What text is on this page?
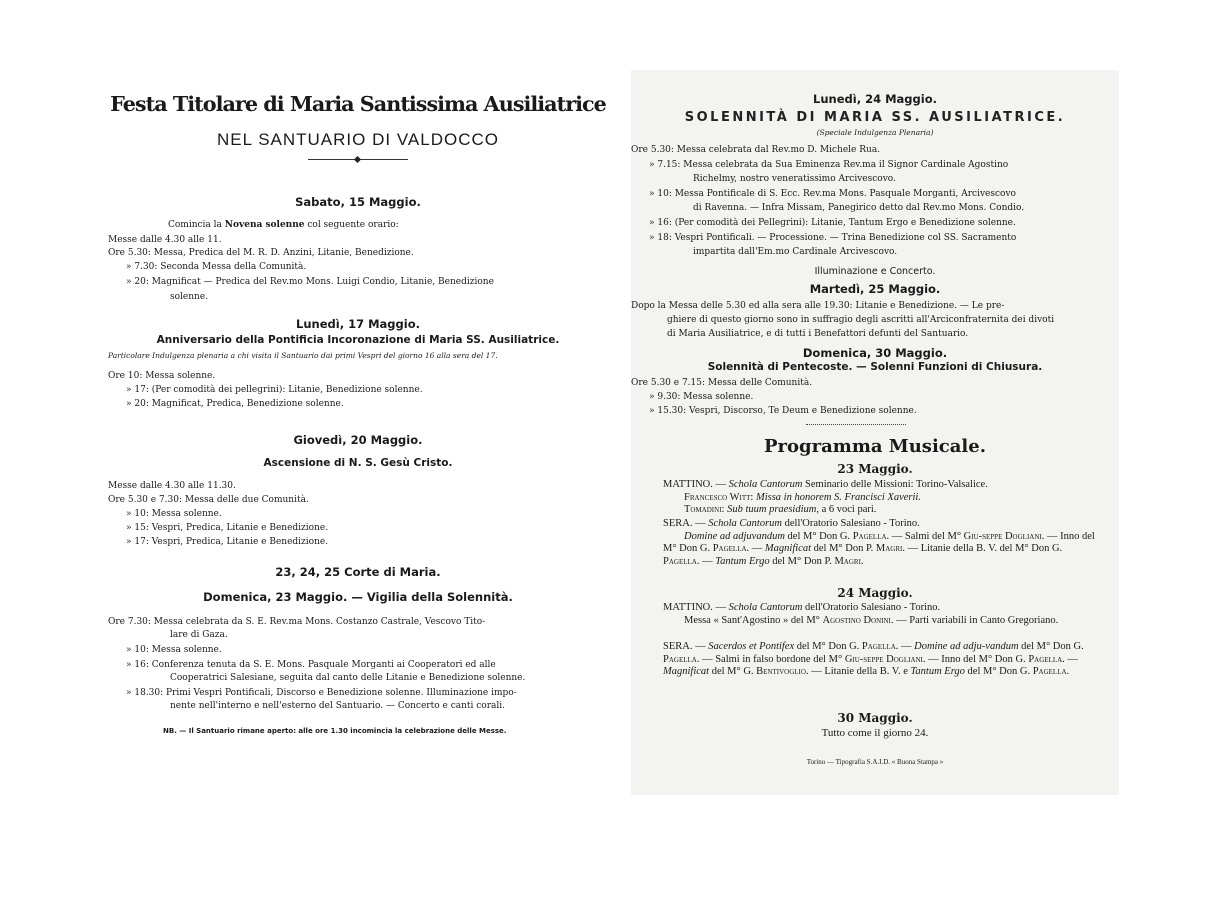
Festa Titolare di Maria Santissima Ausiliatrice
NEL SANTUARIO DI VALDOCCO
Sabato, 15 Maggio.
Comincia la Novena solenne col seguente orario:
Messe dalle 4.30 alle 11.
Ore 5.30: Messa, Predica del M. R. D. Anzini, Litanie, Benedizione.
» 7.30: Seconda Messa della Comunità.
» 20: Magnificat — Predica del Rev.mo Mons. Luigi Condio, Litanie, Benedizione
solenne.
Lunedì, 17 Maggio.
Anniversario della Pontificia Incoronazione di Maria SS. Ausiliatrice.
Particolare Indulgenza plenaria a chi visita il Santuario dai primi Vespri del giorno 16 alla sera del 17.
Ore 10: Messa solenne.
» 17: (Per comodità dei pellegrini): Litanie, Benedizione solenne.
» 20: Magnificat, Predica, Benedizione solenne.
Giovedì, 20 Maggio.
Ascensione di N. S. Gesù Cristo.
Messe dalle 4.30 alle 11.30.
Ore 5.30 e 7.30: Messa delle due Comunità.
» 10: Messa solenne.
» 15: Vespri, Predica, Litanie e Benedizione.
» 17: Vespri, Predica, Litanie e Benedizione.
23, 24, 25 Corte di Maria.
Domenica, 23 Maggio. — Vigilia della Solennità.
Ore 7.30: Messa celebrata da S. E. Rev.ma Mons. Costanzo Castrale, Vescovo Tito-
lare di Gaza.
» 10: Messa solenne.
» 16: Conferenza tenuta da S. E. Mons. Pasquale Morganti ai Cooperatori ed alle
Cooperatrici Salesiane, seguita dal canto delle Litanie e Benedizione solenne.
» 18.30: Primi Vespri Pontificali, Discorso e Benedizione solenne. Illuminazione impo-
nente nell'interno e nell'esterno del Santuario. — Concerto e canti corali.
NB. — Il Santuario rimane aperto: alle ore 1.30 incomincia la celebrazione delle Messe.
Lunedì, 24 Maggio.
SOLENNITÀ DI MARIA SS. AUSILIATRICE.
(Speciale Indulgenza Plenaria)
Ore 5.30: Messa celebrata dal Rev.mo D. Michele Rua.
» 7.15: Messa celebrata da Sua Eminenza Rev.ma il Signor Cardinale Agostino
Richelmy, nostro veneratissimo Arcivescovo.
» 10: Messa Pontificale di S. Ecc. Rev.ma Mons. Pasquale Morganti, Arcivescovo
di Ravenna. — Infra Missam, Panegirico detto dal Rev.mo Mons. Condio.
» 16: (Per comodità dei Pellegrini): Litanie, Tantum Ergo e Benedizione solenne.
» 18: Vespri Pontificali. — Processione. — Trina Benedizione col SS. Sacramento
impartita dall'Em.mo Cardinale Arcivescovo.
Illuminazione e Concerto.
Martedì, 25 Maggio.
Dopo la Messa delle 5.30 ed alla sera alle 19.30: Litanie e Benedizione. — Le pre-
ghiere di questo giorno sono in suffragio degli ascritti all'Arciconfraternita dei divoti
di Maria Ausiliatrice, e di tutti i Benefattori defunti del Santuario.
Domenica, 30 Maggio.
Solennità di Pentecoste. — Solenni Funzioni di Chiusura.
Ore 5.30 e 7.15: Messa delle Comunità.
» 9.30: Messa solenne.
» 15.30: Vespri, Discorso, Te Deum e Benedizione solenne.
Programma Musicale.
23 Maggio.
MATTINO. — Schola Cantorum Seminario delle Missioni: Torino-Valsalice.
Francesco Witt: Missa in honorem S. Francisci Xaverii.
Tomadini: Sub tuum praesidium, a 6 voci pari.
SERA. — Schola Cantorum dell'Oratorio Salesiano - Torino.
Domine ad adjuvandum del M° Don G. Pagella. — Salmi del M° Giu-seppe Dogliani. — Inno del M° Don G. Pagella. — Magnificat del M° Don P. Magri. — Litanie della B. V. del M° Don G. Pagella. — Tantum Ergo del M° Don P. Magri.
24 Maggio.
MATTINO. — Schola Cantorum dell'Oratorio Salesiano - Torino.
Messa « Sant'Agostino » del M° Agostino Donini. — Parti variabili in Canto Gregoriano.
SERA. — Sacerdos et Pontifex del M° Don G. Pagella. — Domine ad adju-vandum del M° Don G. Pagella. — Salmi in falso bordone del M° Giu-seppe Dogliani. — Inno del M° Don G. Pagella. — Magnificat del M° G. Bentivoglio. — Litanie della B. V. e Tantum Ergo del M° Don G. Pagella.
30 Maggio.
Tutto come il giorno 24.
Torino — Tipografia S.A.I.D. « Buona Stampa »
